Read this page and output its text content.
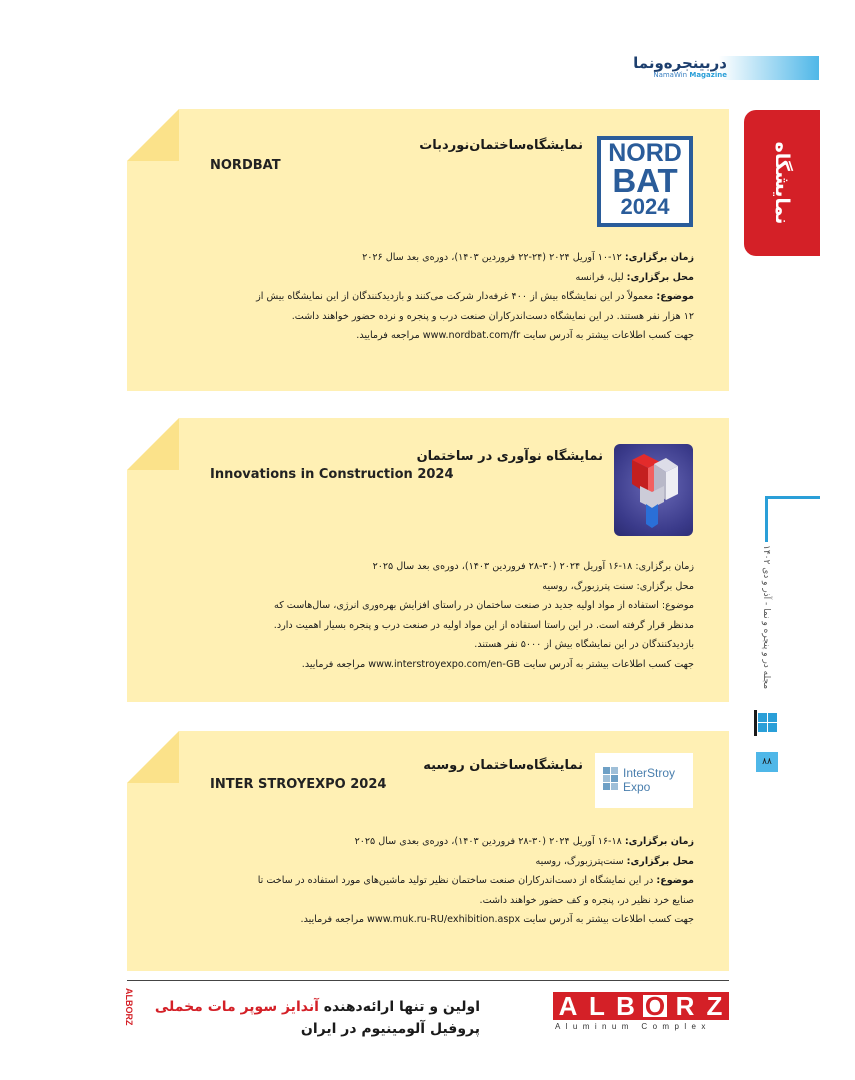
دربینجره‌ونما
NamaWin Magazine
نمایشگاه
مجله در و پنجره و نما - آذر و دی ۱۴۰۲
۸۸
نمایشگاه‌ساختمان‌نوردبات
NORDBAT	NORD
BAT
2024

زمان برگزاری: ۱۲-۱۰ آوریل ۲۰۲۴ (۲۴-۲۲ فروردین ۱۴۰۳)، دوره‌ی بعد سال ۲۰۲۶

محل برگزاری: لیل، فرانسه

موضوع: معمولاً در این نمایشگاه بیش از ۴۰۰ غرفه‌دار شرکت می‌کنند و بازدیدکنندگان از این نمایشگاه بیش از

۱۲ هزار نفر هستند. در این نمایشگاه دست‌اندرکاران صنعت درب و پنجره و نرده حضور خواهند داشت.

جهت کسب اطلاعات بیشتر به آدرس سایت www.nordbat.com/fr مراجعه فرمایید.

نمایشگاه نوآوری در ساختمان
Innovations in Construction 2024

زمان برگزاری: ۱۸-۱۶ آوریل ۲۰۲۴ (۳۰-۲۸ فروردین ۱۴۰۳)، دوره‌ی بعد سال ۲۰۲۵

محل برگزاری: سنت پترزبورگ، روسیه

موضوع: استفاده از مواد اولیه جدید در صنعت ساختمان در راستای افزایش بهره‌وری انرژی، سال‌هاست که

مدنظر قرار گرفته است. در این راستا استفاده از این مواد اولیه در صنعت درب و پنجره بسیار اهمیت دارد.

بازدیدکنندگان در این نمایشگاه بیش از ۵۰۰۰ نفر هستند.

جهت کسب اطلاعات بیشتر به آدرس سایت www.interstroyexpo.com/en-GB مراجعه فرمایید.

نمایشگاه‌ساختمان روسیه
INTER STROYEXPO 2024
InterStroy
Expo

زمان برگزاری: ۱۸-۱۶ آوریل ۲۰۲۴ (۳۰-۲۸ فروردین ۱۴۰۳)، دوره‌ی بعدی سال ۲۰۲۵

محل برگزاری: سنت‌پترزبورگ، روسیه

موضوع: در این نمایشگاه از دست‌اندرکاران صنعت ساختمان نظیر تولید ماشین‌های مورد استفاده در ساخت تا

صنایع خرد نظیر در، پنجره و کف حضور خواهند داشت.

جهت کسب اطلاعات بیشتر به آدرس سایت www.muk.ru-RU/exhibition.aspx مراجعه فرمایید.

ALBORZ	اولین و تنها ارائه‌دهنده آندایز سوپر مات مخملی
پروفیل آلومینیوم در ایران
A L B O R Z
Aluminum Complex
